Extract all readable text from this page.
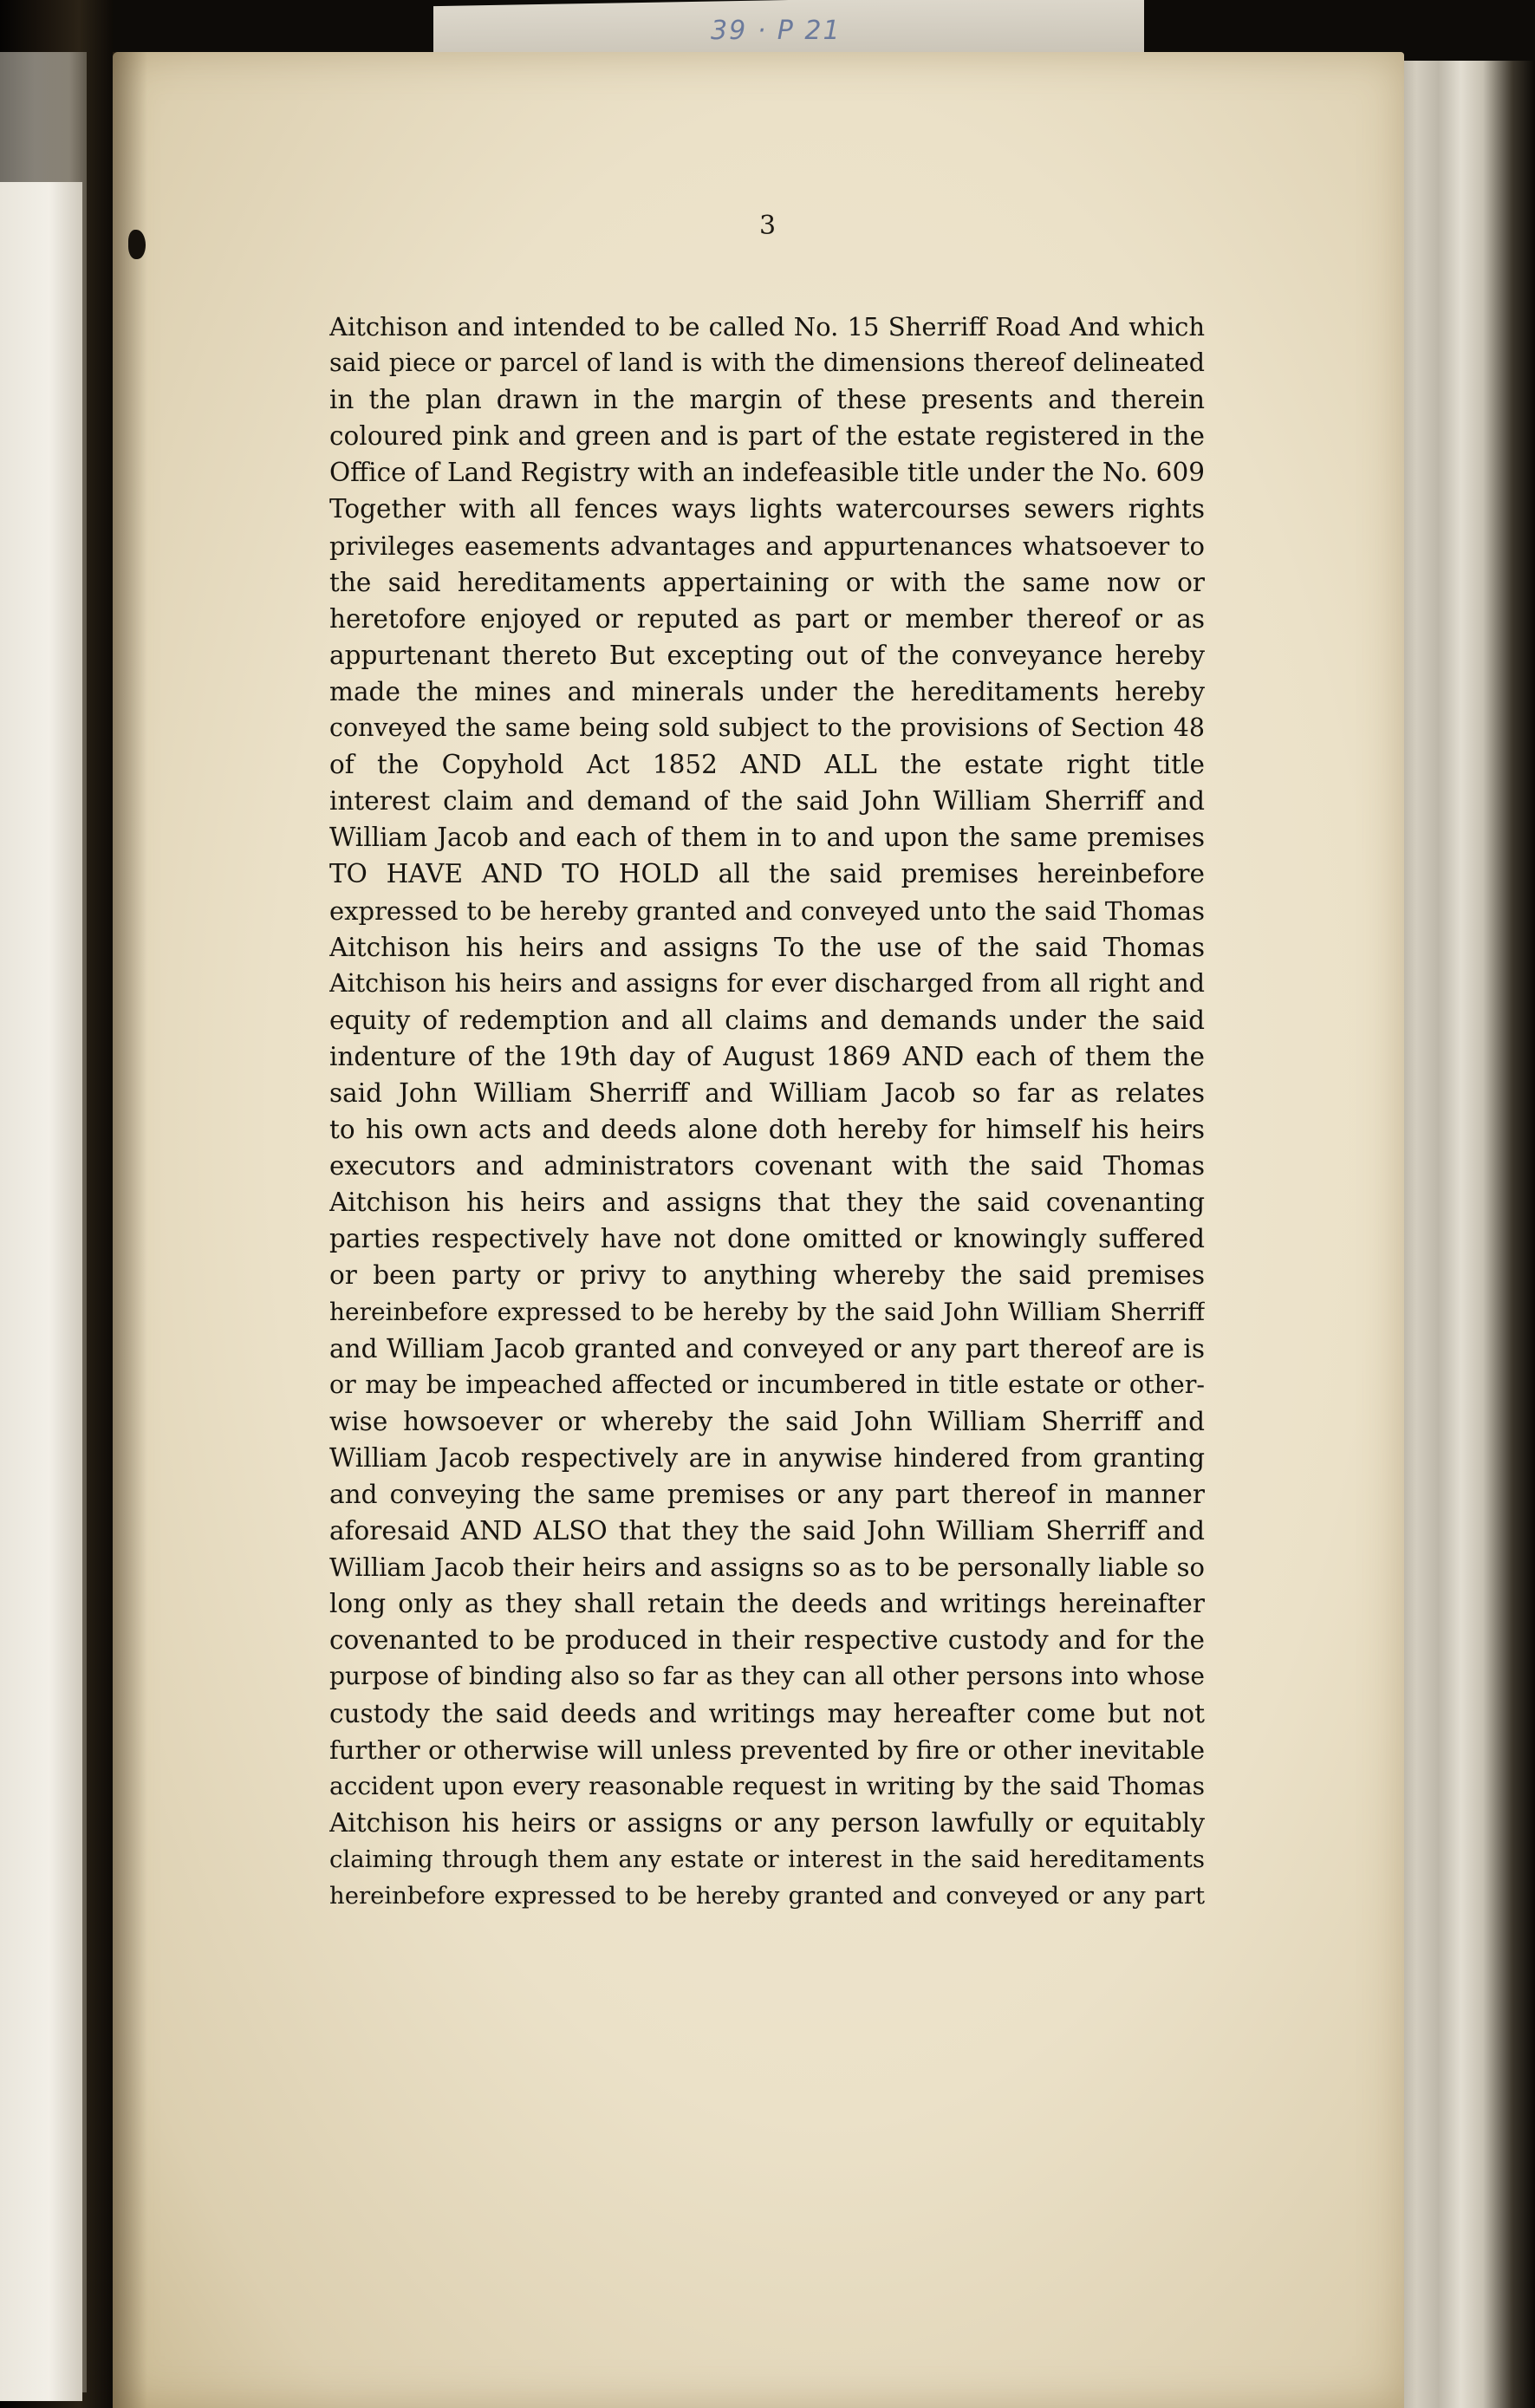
39 · P 21
3
Aitchison and intended to be called No. 15 Sherriff Road And which
said piece or parcel of land is with the dimensions thereof delineated
in the plan drawn in the margin of these presents and therein
coloured pink and green and is part of the estate registered in the
Office of Land Registry with an indefeasible title under the No. 609
Together with all fences ways lights watercourses sewers rights
privileges easements advantages and appurtenances whatsoever to
the said hereditaments appertaining or with the same now or
heretofore enjoyed or reputed as part or member thereof or as
appurtenant thereto But excepting out of the conveyance hereby
made the mines and minerals under the hereditaments hereby
conveyed the same being sold subject to the provisions of Section 48
of the Copyhold Act 1852 AND ALL the estate right title
interest claim and demand of the said John William Sherriff and
William Jacob and each of them in to and upon the same premises
TO HAVE AND TO HOLD all the said premises hereinbefore
expressed to be hereby granted and conveyed unto the said Thomas
Aitchison his heirs and assigns To the use of the said Thomas
Aitchison his heirs and assigns for ever discharged from all right and
equity of redemption and all claims and demands under the said
indenture of the 19th day of August 1869 AND each of them the
said John William Sherriff and William Jacob so far as relates
to his own acts and deeds alone doth hereby for himself his heirs
executors and administrators covenant with the said Thomas
Aitchison his heirs and assigns that they the said covenanting
parties respectively have not done omitted or knowingly suffered
or been party or privy to anything whereby the said premises
hereinbefore expressed to be hereby by the said John William Sherriff
and William Jacob granted and conveyed or any part thereof are is
or may be impeached affected or incumbered in title estate or other-
wise howsoever or whereby the said John William Sherriff and
William Jacob respectively are in anywise hindered from granting
and conveying the same premises or any part thereof in manner
aforesaid AND ALSO that they the said John William Sherriff and
William Jacob their heirs and assigns so as to be personally liable so
long only as they shall retain the deeds and writings hereinafter
covenanted to be produced in their respective custody and for the
purpose of binding also so far as they can all other persons into whose
custody the said deeds and writings may hereafter come but not
further or otherwise will unless prevented by fire or other inevitable
accident upon every reasonable request in writing by the said Thomas
Aitchison his heirs or assigns or any person lawfully or equitably
claiming through them any estate or interest in the said hereditaments
hereinbefore expressed to be hereby granted and conveyed or any part
